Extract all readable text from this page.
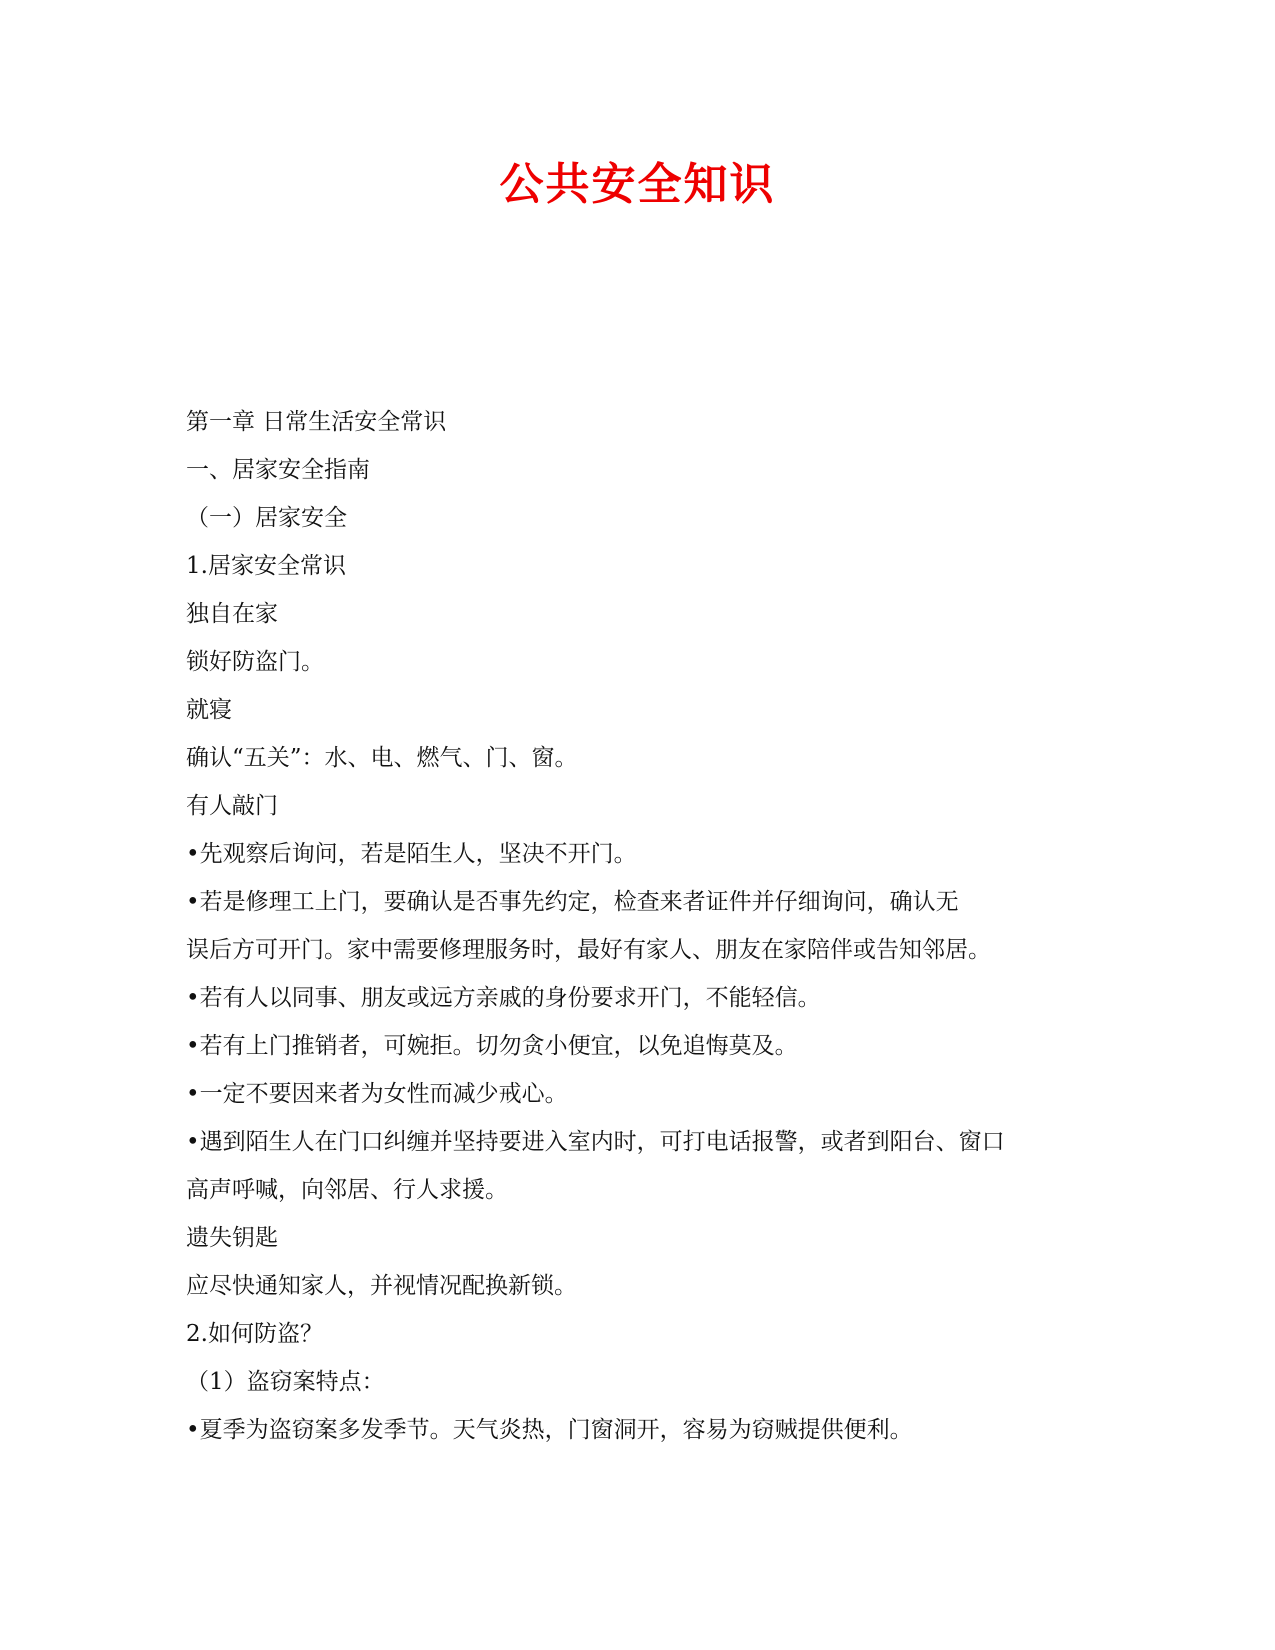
公共安全知识

第一章 日常生活安全常识

一、居家安全指南

（一）居家安全

1.居家安全常识

独自在家

锁好防盗门。

就寝

确认“五关”：水、电、燃气、门、窗。

有人敲门

•先观察后询问，若是陌生人，坚决不开门。

•若是修理工上门，要确认是否事先约定，检查来者证件并仔细询问，确认无

误后方可开门。家中需要修理服务时，最好有家人、朋友在家陪伴或告知邻居。

•若有人以同事、朋友或远方亲戚的身份要求开门，不能轻信。

•若有上门推销者，可婉拒。切勿贪小便宜，以免追悔莫及。

•一定不要因来者为女性而减少戒心。

•遇到陌生人在门口纠缠并坚持要进入室内时，可打电话报警，或者到阳台、窗口

高声呼喊，向邻居、行人求援。

遗失钥匙

应尽快通知家人，并视情况配换新锁。

2.如何防盗？

（1）盗窃案特点：

•夏季为盗窃案多发季节。天气炎热，门窗洞开，容易为窃贼提供便利。
